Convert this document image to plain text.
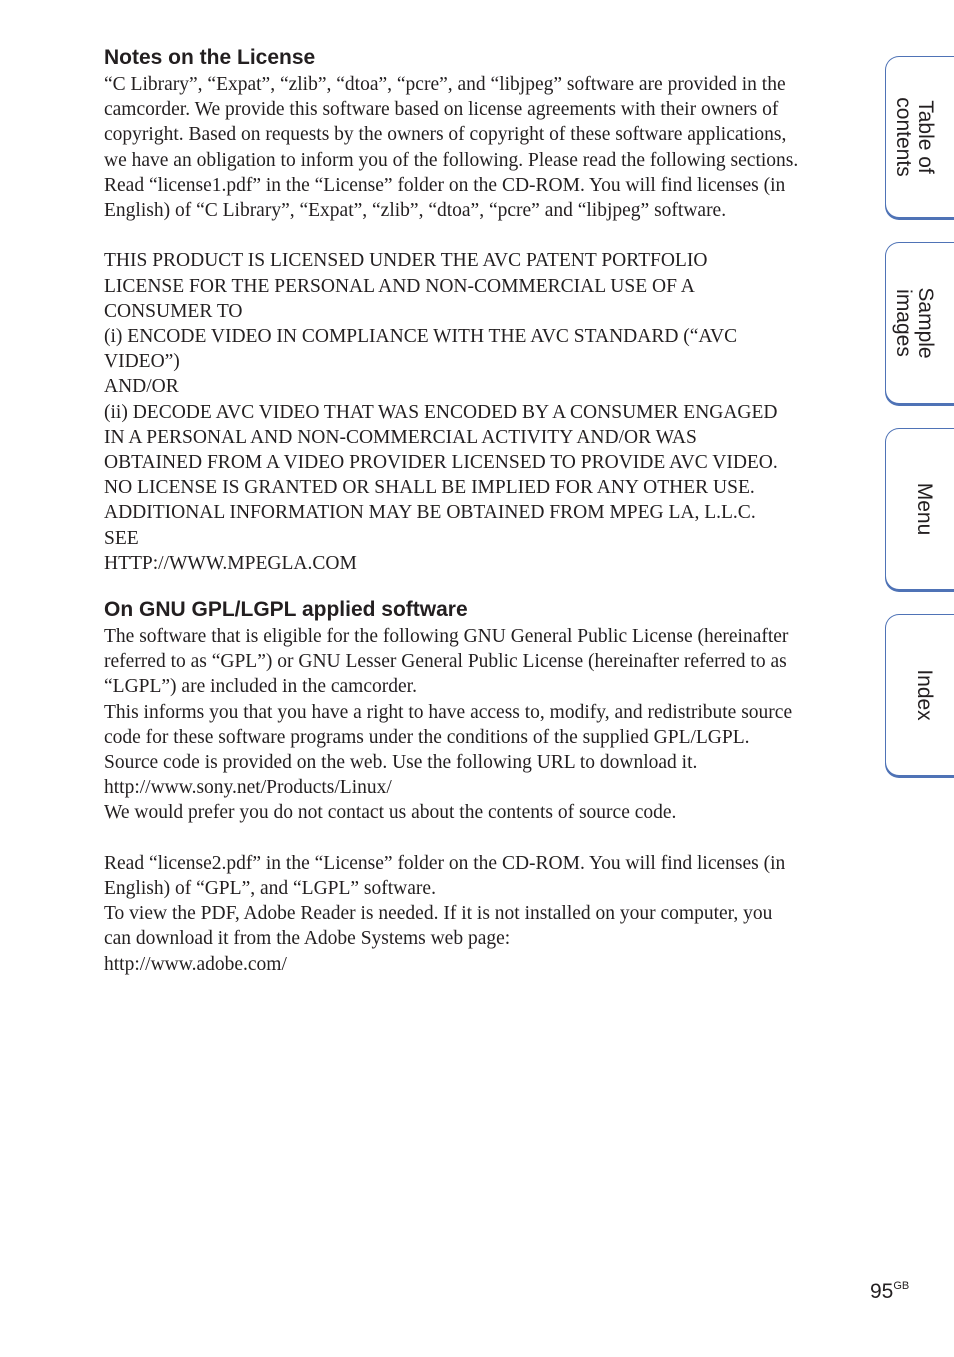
Notes on the License

“C Library”, “Expat”, “zlib”, “dtoa”, “pcre”, and “libjpeg” software are provided in the

camcorder. We provide this software based on license agreements with their owners of

copyright. Based on requests by the owners of copyright of these software applications,

we have an obligation to inform you of the following. Please read the following sections.

Read “license1.pdf” in the “License” folder on the CD-ROM. You will find licenses (in

English) of “C Library”, “Expat”, “zlib”, “dtoa”, “pcre” and “libjpeg” software.

THIS PRODUCT IS LICENSED UNDER THE AVC PATENT PORTFOLIO

LICENSE FOR THE PERSONAL AND NON-COMMERCIAL USE OF A

CONSUMER TO

(i) ENCODE VIDEO IN COMPLIANCE WITH THE AVC STANDARD (“AVC

VIDEO”)

AND/OR

(ii) DECODE AVC VIDEO THAT WAS ENCODED BY A CONSUMER ENGAGED

IN A PERSONAL AND NON-COMMERCIAL ACTIVITY AND/OR WAS

OBTAINED FROM A VIDEO PROVIDER LICENSED TO PROVIDE AVC VIDEO.

NO LICENSE IS GRANTED OR SHALL BE IMPLIED FOR ANY OTHER USE.

ADDITIONAL INFORMATION MAY BE OBTAINED FROM MPEG LA, L.L.C.

SEE

HTTP://WWW.MPEGLA.COM

On GNU GPL/LGPL applied software

The software that is eligible for the following GNU General Public License (hereinafter

referred to as “GPL”) or GNU Lesser General Public License (hereinafter referred to as

“LGPL”) are included in the camcorder.

This informs you that you have a right to have access to, modify, and redistribute source

code for these software programs under the conditions of the supplied GPL/LGPL.

Source code is provided on the web. Use the following URL to download it.

http://www.sony.net/Products/Linux/

We would prefer you do not contact us about the contents of source code.

Read “license2.pdf” in the “License” folder on the CD-ROM. You will find licenses (in

English) of “GPL”, and “LGPL” software.

To view the PDF, Adobe Reader is needed. If it is not installed on your computer, you

can download it from the Adobe Systems web page:

http://www.adobe.com/

Table of
contents
Sample
images
Menu
Index
$95^{GB}$
